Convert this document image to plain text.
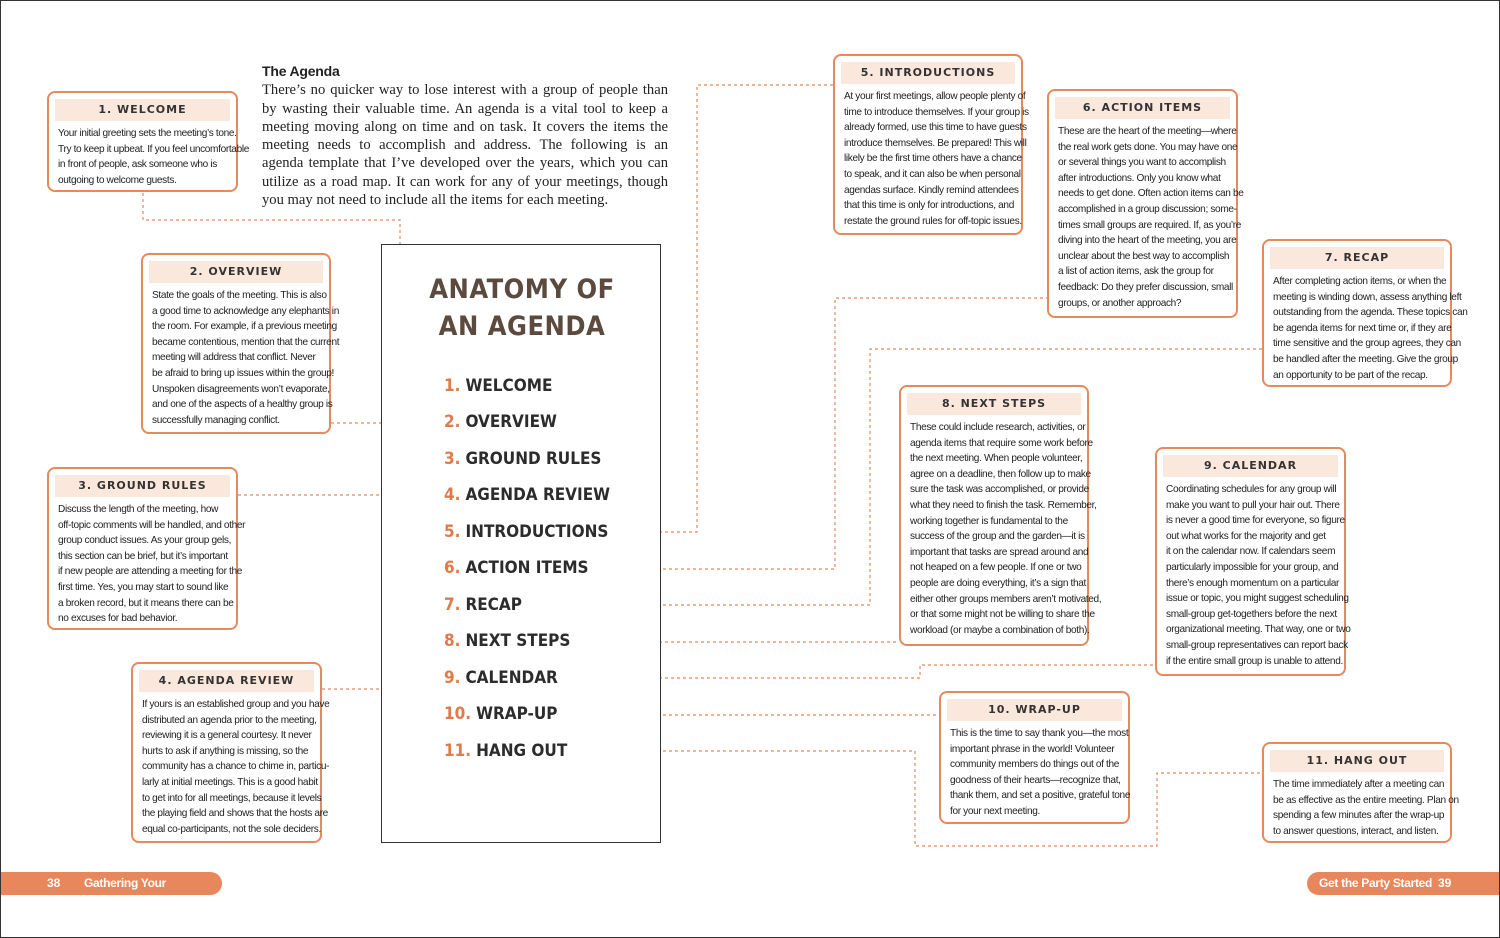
The Agenda

There’s no quicker way to lose interest with a group of people than by wasting their valuable time. An agenda is a vital tool to keep a meeting moving along on time and on task. It covers the items the meeting needs to accomplish and address. The following is an agenda template that I’ve developed over the years, which you can utilize as a road map. It can work for any of your meetings, though you may not need to include all the items for each meeting.

ANATOMY OF
AN AGENDA
1. WELCOME
2. OVERVIEW
3. GROUND RULES
4. AGENDA REVIEW
5. INTRODUCTIONS
6. ACTION ITEMS
7. RECAP
8. NEXT STEPS
9. CALENDAR
10. WRAP-UP
11. HANG OUT
1. WELCOME
Your initial greeting sets the meeting’s tone.
Try to keep it upbeat. If you feel uncomfortable
in front of people, ask someone who is
outgoing to welcome guests.
2. OVERVIEW
State the goals of the meeting. This is also
a good time to acknowledge any elephants in
the room. For example, if a previous meeting
became contentious, mention that the current
meeting will address that conflict. Never
be afraid to bring up issues within the group!
Unspoken disagreements won’t evaporate,
and one of the aspects of a healthy group is
successfully managing conflict.
3. GROUND RULES
Discuss the length of the meeting, how
off-topic comments will be handled, and other
group conduct issues. As your group gels,
this section can be brief, but it’s important
if new people are attending a meeting for the
first time. Yes, you may start to sound like
a broken record, but it means there can be
no excuses for bad behavior.
4. AGENDA REVIEW
If yours is an established group and you have
distributed an agenda prior to the meeting,
reviewing it is a general courtesy. It never
hurts to ask if anything is missing, so the
community has a chance to chime in, particu-
larly at initial meetings. This is a good habit
to get into for all meetings, because it levels
the playing field and shows that the hosts are
equal co-participants, not the sole deciders.
5. INTRODUCTIONS
At your first meetings, allow people plenty of
time to introduce themselves. If your group is
already formed, use this time to have guests
introduce themselves. Be prepared! This will
likely be the first time others have a chance
to speak, and it can also be when personal
agendas surface. Kindly remind attendees
that this time is only for introductions, and
restate the ground rules for off-topic issues.
6. ACTION ITEMS
These are the heart of the meeting—where
the real work gets done. You may have one
or several things you want to accomplish
after introductions. Only you know what
needs to get done. Often action items can be
accomplished in a group discussion; some-
times small groups are required. If, as you’re
diving into the heart of the meeting, you are
unclear about the best way to accomplish
a list of action items, ask the group for
feedback: Do they prefer discussion, small
groups, or another approach?
7. RECAP
After completing action items, or when the
meeting is winding down, assess anything left
outstanding from the agenda. These topics can
be agenda items for next time or, if they are
time sensitive and the group agrees, they can
be handled after the meeting. Give the group
an opportunity to be part of the recap.
8. NEXT STEPS
These could include research, activities, or
agenda items that require some work before
the next meeting. When people volunteer,
agree on a deadline, then follow up to make
sure the task was accomplished, or provide
what they need to finish the task. Remember,
working together is fundamental to the
success of the group and the garden—it is
important that tasks are spread around and
not heaped on a few people. If one or two
people are doing everything, it’s a sign that
either other groups members aren’t motivated,
or that some might not be willing to share the
workload (or maybe a combination of both).
9. CALENDAR
Coordinating schedules for any group will
make you want to pull your hair out. There
is never a good time for everyone, so figure
out what works for the majority and get
it on the calendar now. If calendars seem
particularly impossible for your group, and
there’s enough momentum on a particular
issue or topic, you might suggest scheduling
small-group get-togethers before the next
organizational meeting. That way, one or two
small-group representatives can report back
if the entire small group is unable to attend.
10. WRAP-UP
This is the time to say thank you—the most
important phrase in the world! Volunteer
community members do things out of the
goodness of their hearts—recognize that,
thank them, and set a positive, grateful tone
for your next meeting.
11. HANG OUT
The time immediately after a meeting can
be as effective as the entire meeting. Plan on
spending a few minutes after the wrap-up
to answer questions, interact, and listen.
38 Gathering Your Community
Get the Party Started 39
